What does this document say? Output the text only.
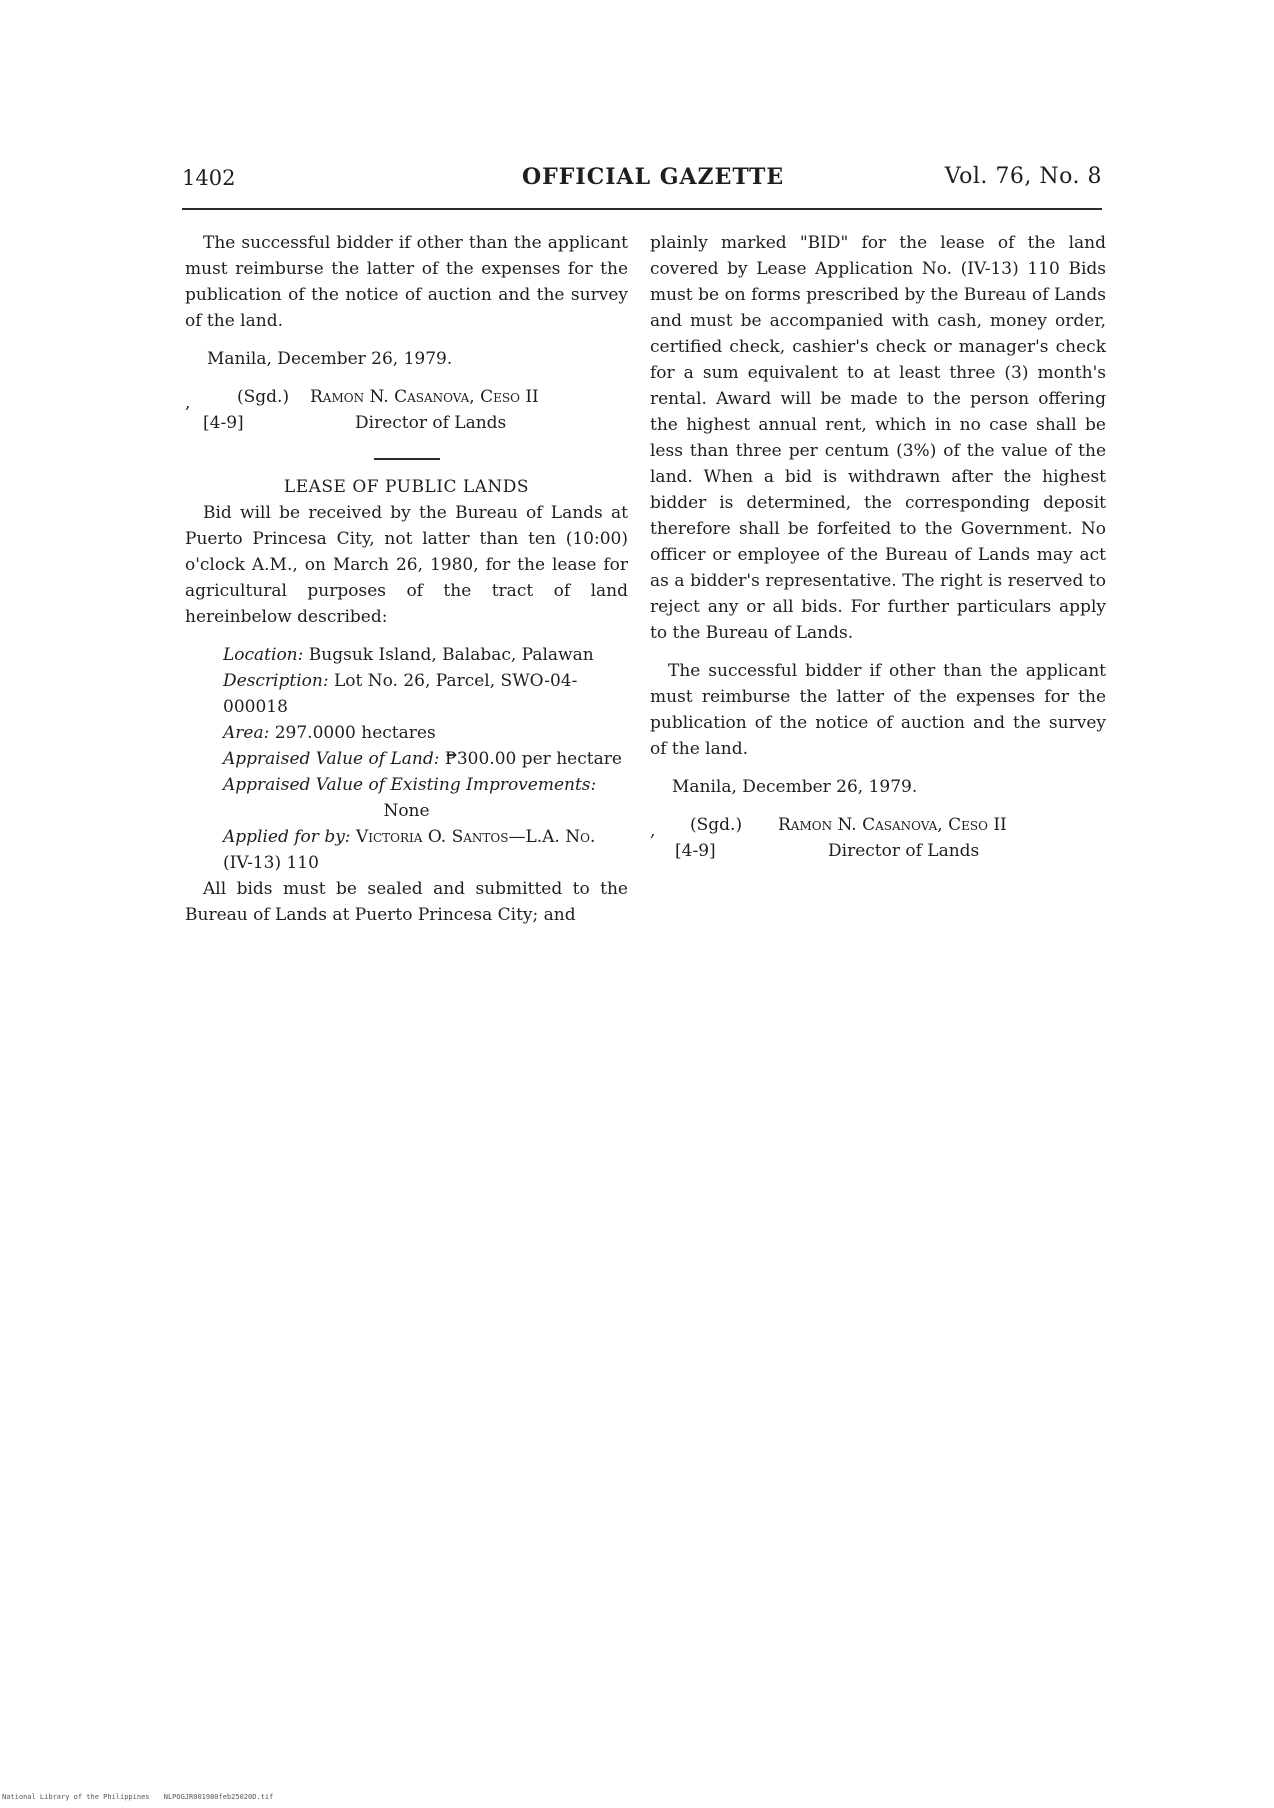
1402	OFFICIAL GAZETTE	Vol. 76, No. 8

The successful bidder if other than the applicant must reimburse the latter of the expenses for the publication of the notice of auction and the survey of the land.

Manila, December 26, 1979.

,	(Sgd.) Ramon N. Casanova, Ceso II
[4-9]	Director of Lands

LEASE OF PUBLIC LANDS

Bid will be received by the Bureau of Lands at Puerto Princesa City, not latter than ten (10:00) o'clock A.M., on March 26, 1980, for the lease for agricultural purposes of the tract of land hereinbelow described:

Location: Bugsuk Island, Balabac, Palawan

Description: Lot No. 26, Parcel, SWO-04-000018

Area: 297.0000 hectares

Appraised Value of Land: ₱300.00 per hectare

Appraised Value of Existing Improvements:

None

Applied for by: Victoria O. Santos—L.A. No. (IV-13) 110

All bids must be sealed and submitted to the Bureau of Lands at Puerto Princesa City; and

plainly marked "BID" for the lease of the land covered by Lease Application No. (IV-13) 110 Bids must be on forms prescribed by the Bureau of Lands and must be accompanied with cash, money order, certified check, cashier's check or manager's check for a sum equivalent to at least three (3) month's rental. Award will be made to the person offering the highest annual rent, which in no case shall be less than three per centum (3%) of the value of the land. When a bid is withdrawn after the highest bidder is determined, the corresponding deposit therefore shall be forfeited to the Government. No officer or employee of the Bureau of Lands may act as a bidder's representative. The right is reserved to reject any or all bids. For further particulars apply to the Bureau of Lands.

The successful bidder if other than the applicant must reimburse the latter of the expenses for the publication of the notice of auction and the survey of the land.

Manila, December 26, 1979.

, (Sgd.) Ramon N. Casanova, Ceso II
[4-9]	Director of Lands
National Library of the Philippines NLPOGJR001980feb25020D.tif
